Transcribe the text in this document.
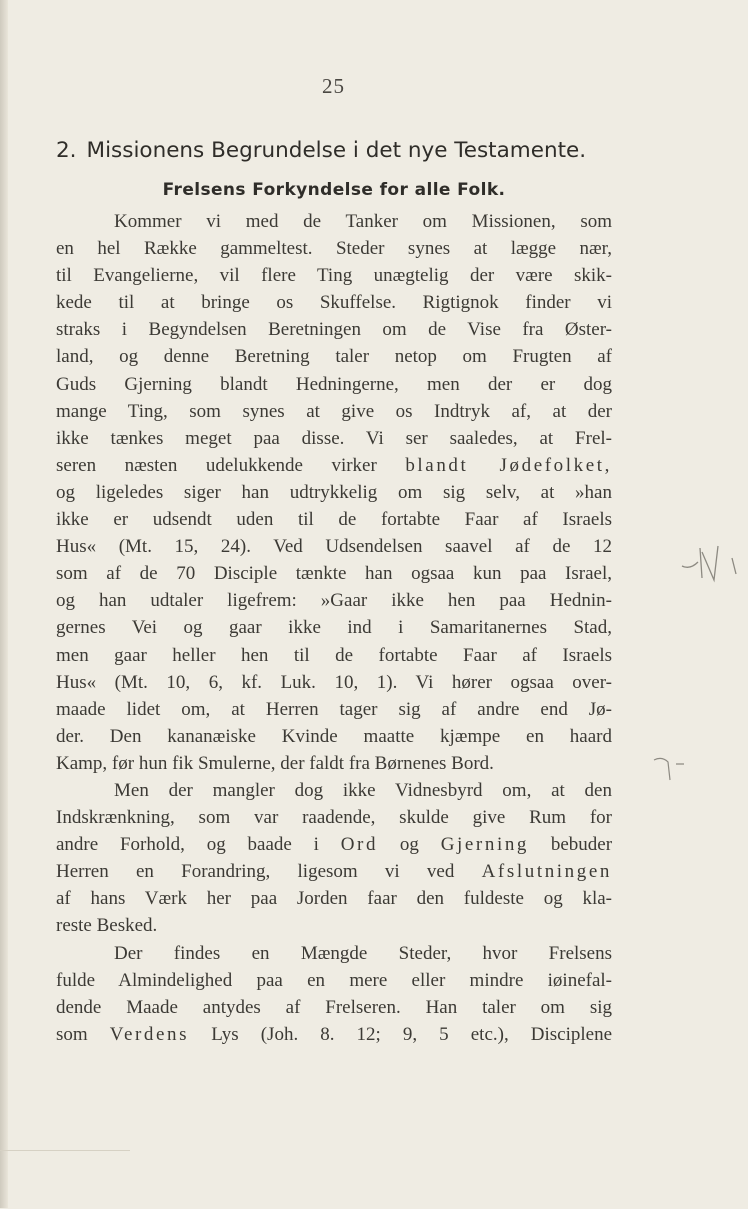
25
2. Missionens Begrundelse i det nye Testamente.
Frelsens Forkyndelse for alle Folk.
Kommer vi med de Tanker om Missionen, som
en hel Række gammeltest. Steder synes at lægge nær,
til Evangelierne, vil flere Ting unægtelig der være skik-
kede til at bringe os Skuffelse. Rigtignok finder vi
straks i Begyndelsen Beretningen om de Vise fra Øster-
land, og denne Beretning taler netop om Frugten af
Guds Gjerning blandt Hedningerne, men der er dog
mange Ting, som synes at give os Indtryk af, at der
ikke tænkes meget paa disse. Vi ser saaledes, at Frel-
seren næsten udelukkende virker blandt Jødefolket,
og ligeledes siger han udtrykkelig om sig selv, at »han
ikke er udsendt uden til de fortabte Faar af Israels
Hus« (Mt. 15, 24). Ved Udsendelsen saavel af de 12
som af de 70 Disciple tænkte han ogsaa kun paa Israel,
og han udtaler ligefrem: »Gaar ikke hen paa Hednin-
gernes Vei og gaar ikke ind i Samaritanernes Stad,
men gaar heller hen til de fortabte Faar af Israels
Hus« (Mt. 10, 6, kf. Luk. 10, 1). Vi hører ogsaa over-
maade lidet om, at Herren tager sig af andre end Jø-
der. Den kananæiske Kvinde maatte kjæmpe en haard
Kamp, før hun fik Smulerne, der faldt fra Børnenes Bord.
Men der mangler dog ikke Vidnesbyrd om, at den
Indskrænkning, som var raadende, skulde give Rum for
andre Forhold, og baade i Ord og Gjerning bebuder
Herren en Forandring, ligesom vi ved Afslutningen
af hans Værk her paa Jorden faar den fuldeste og kla-
reste Besked.
Der findes en Mængde Steder, hvor Frelsens
fulde Almindelighed paa en mere eller mindre iøinefal-
dende Maade antydes af Frelseren. Han taler om sig
som Verdens Lys (Joh. 8. 12; 9, 5 etc.), Disciplene
